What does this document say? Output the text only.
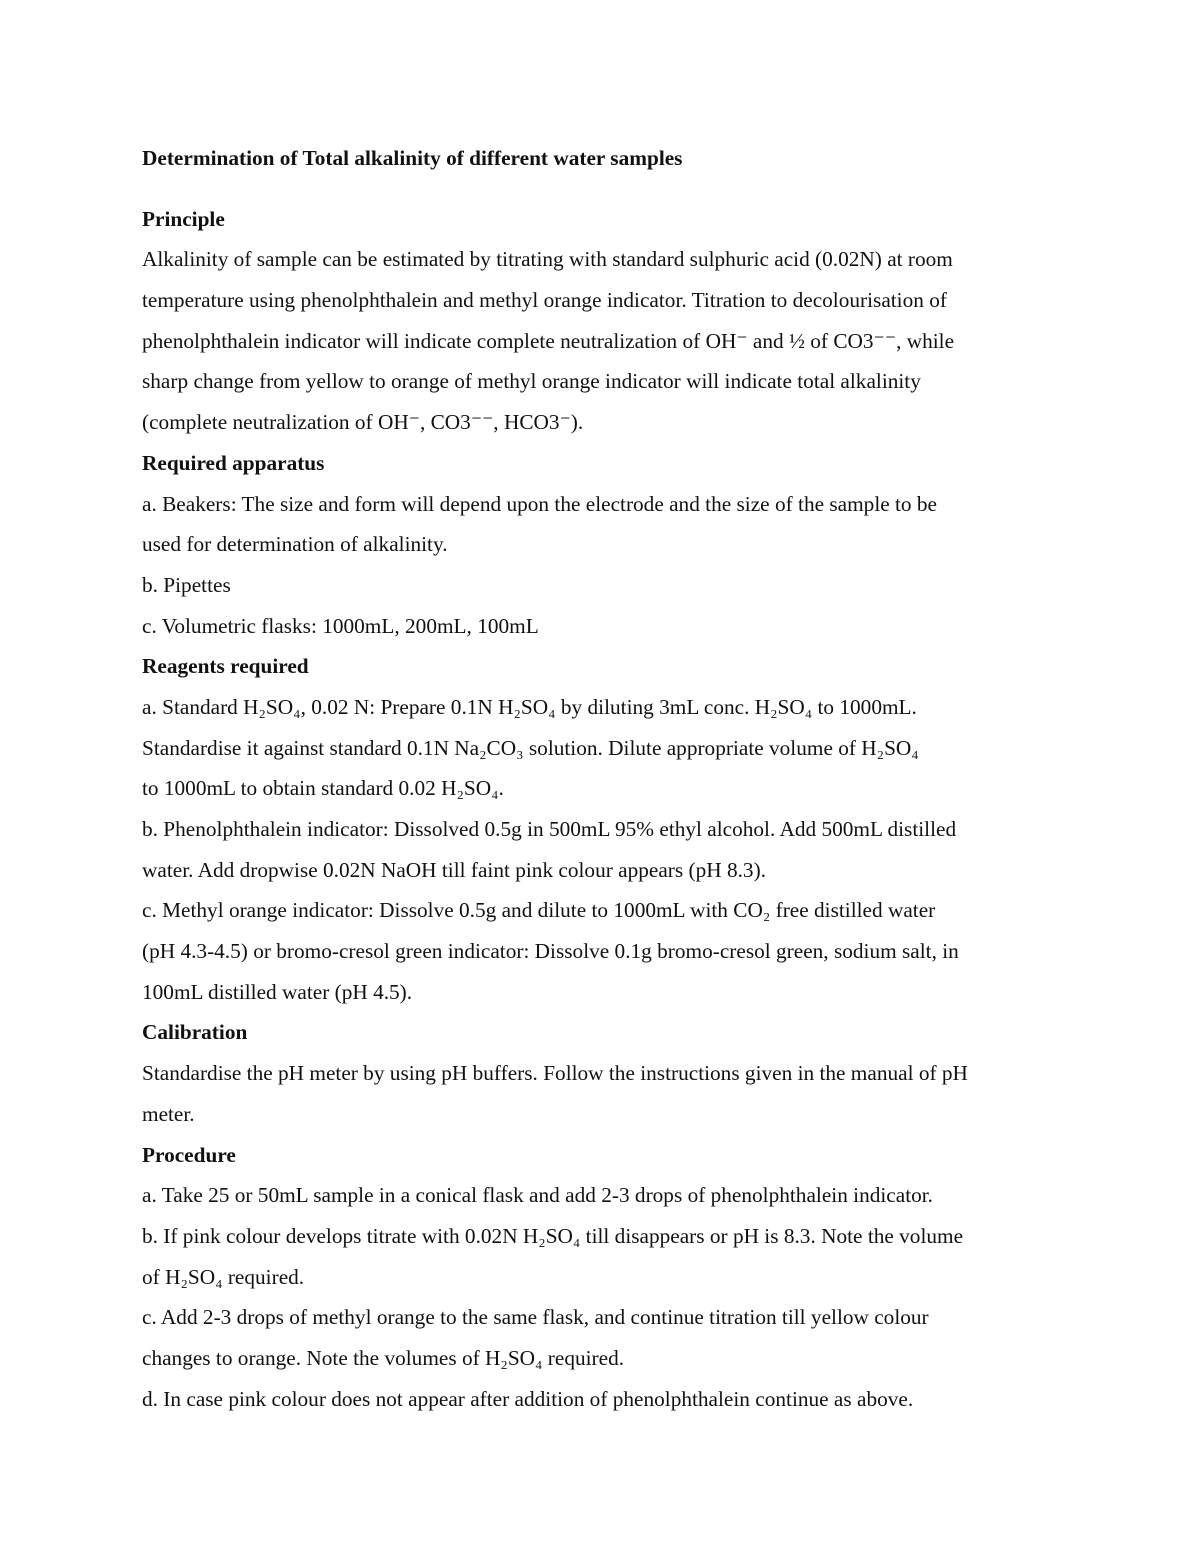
Determination of Total alkalinity of different water samples
Principle
Alkalinity of sample can be estimated by titrating with standard sulphuric acid (0.02N) at room
temperature using phenolphthalein and methyl orange indicator. Titration to decolourisation of
phenolphthalein indicator will indicate complete neutralization of OH⁻ and ½ of CO3⁻⁻, while
sharp change from yellow to orange of methyl orange indicator will indicate total alkalinity
(complete neutralization of OH⁻, CO3⁻⁻, HCO3⁻).
Required apparatus
a. Beakers: The size and form will depend upon the electrode and the size of the sample to be
used for determination of alkalinity.
b. Pipettes
c. Volumetric flasks: 1000mL, 200mL, 100mL
Reagents required
a. Standard H₂SO₄, 0.02 N: Prepare 0.1N H₂SO₄ by diluting 3mL conc. H₂SO₄ to 1000mL.
Standardise it against standard 0.1N Na₂CO₃ solution. Dilute appropriate volume of H₂SO₄
to 1000mL to obtain standard 0.02 H₂SO₄.
b. Phenolphthalein indicator: Dissolved 0.5g in 500mL 95% ethyl alcohol. Add 500mL distilled
water. Add dropwise 0.02N NaOH till faint pink colour appears (pH 8.3).
c. Methyl orange indicator: Dissolve 0.5g and dilute to 1000mL with CO₂ free distilled water
(pH 4.3-4.5) or bromo-cresol green indicator: Dissolve 0.1g bromo-cresol green, sodium salt, in
100mL distilled water (pH 4.5).
Calibration
Standardise the pH meter by using pH buffers. Follow the instructions given in the manual of pH
meter.
Procedure
a. Take 25 or 50mL sample in a conical flask and add 2-3 drops of phenolphthalein indicator.
b. If pink colour develops titrate with 0.02N H₂SO₄ till disappears or pH is 8.3. Note the volume
of H₂SO₄ required.
c. Add 2-3 drops of methyl orange to the same flask, and continue titration till yellow colour
changes to orange. Note the volumes of H₂SO₄ required.
d. In case pink colour does not appear after addition of phenolphthalein continue as above.
